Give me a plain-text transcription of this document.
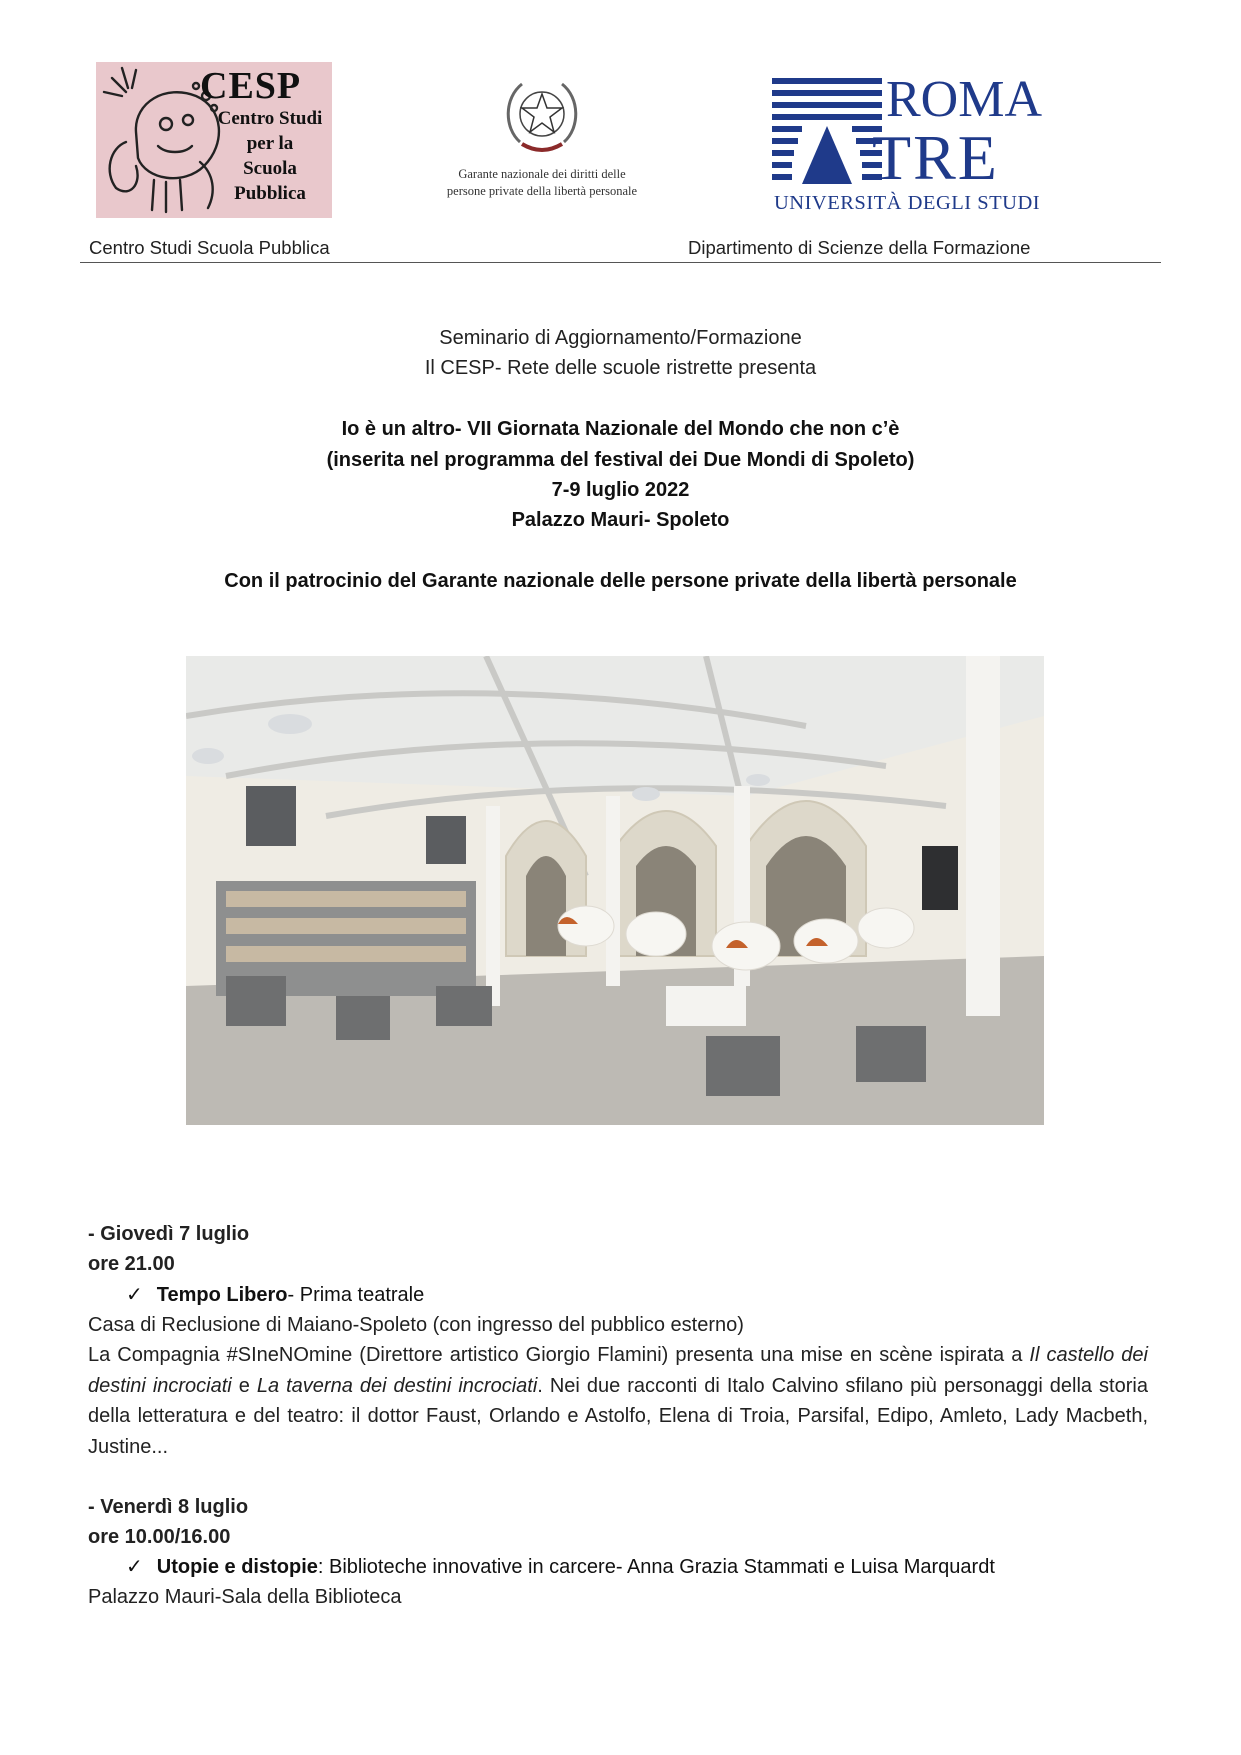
CESP
Centro Studi
per la
Scuola
Pubblica
Garante nazionale dei diritti delle
persone private della libertà personale
ROMA
TRE
UNIVERSITÀ DEGLI STUDI
Centro Studi Scuola Pubblica	Dipartimento di Scienze della Formazione
Seminario di Aggiornamento/Formazione
Il CESP- Rete delle scuole ristrette presenta
Io è un altro- VII Giornata Nazionale del Mondo che non c’è
(inserita nel programma del festival dei Due Mondi di Spoleto)
7-9 luglio 2022
Palazzo Mauri- Spoleto
Con il patrocinio del Garante nazionale delle persone private della libertà personale
- Giovedì 7 luglio
ore 21.00
✓ Tempo Libero- Prima teatrale
Casa di Reclusione di Maiano-Spoleto (con ingresso del pubblico esterno)
La Compagnia #SIneNOmine (Direttore artistico Giorgio Flamini) presenta una mise en scène ispirata a Il castello dei destini incrociati e La taverna dei destini incrociati. Nei due racconti di Italo Calvino sfilano più personaggi della storia della letteratura e del teatro: il dottor Faust, Orlando e Astolfo, Elena di Troia, Parsifal, Edipo, Amleto, Lady Macbeth, Justine...
- Venerdì 8 luglio
ore 10.00/16.00
✓ Utopie e distopie: Biblioteche innovative in carcere- Anna Grazia Stammati e Luisa Marquardt
Palazzo Mauri-Sala della Biblioteca
